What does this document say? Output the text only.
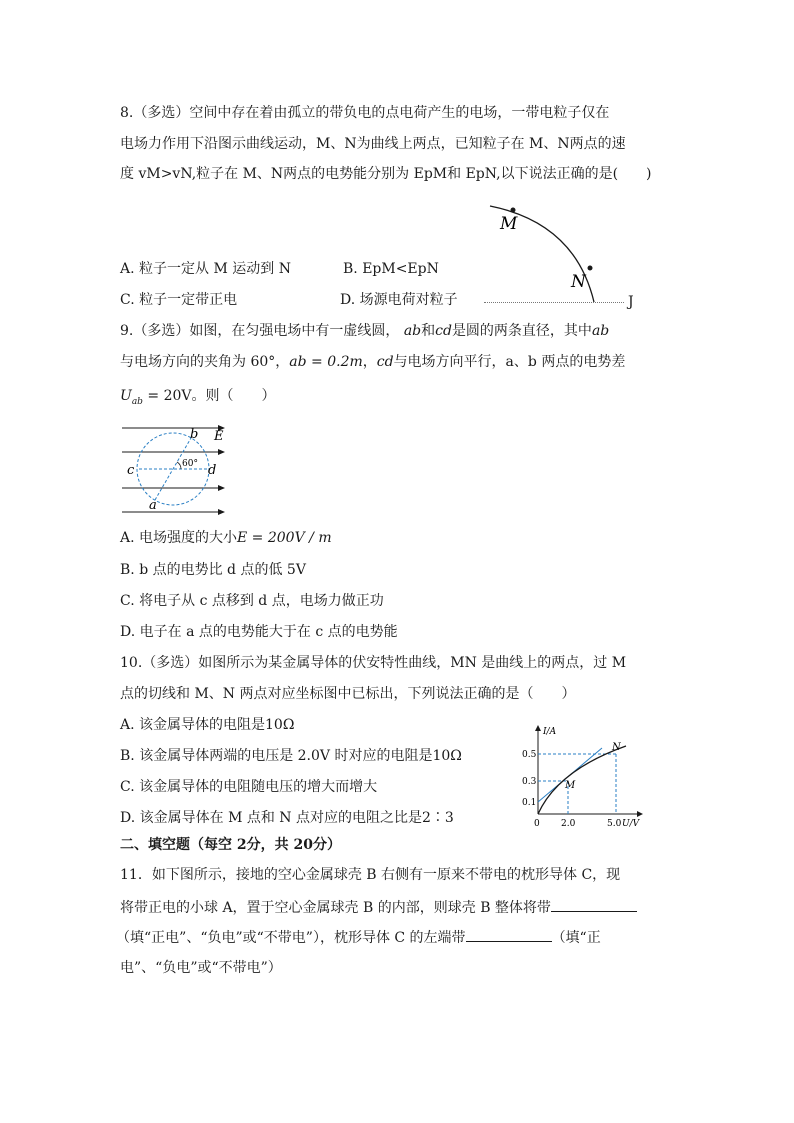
8.（多选）空间中存在着由孤立的带负电的点电荷产生的电场，一带电粒子仅在
电场力作用下沿图示曲线运动，M、N为曲线上两点，已知粒子在 M、N两点的速
度 vM>vN,粒子在 M、N两点的电势能分别为 EpM和 EpN,以下说法正确的是(　　)
M
N
A. 粒子一定从 M 运动到 N	B. EpM<EpN
C. 粒子一定带正电	D. 场源电荷对粒子	J
9.（多选）如图，在匀强电场中有一虚线圆， ab和cd是圆的两条直径，其中ab
与电场方向的夹角为 60°，ab = 0.2m，cd与电场方向平行，a、b 两点的电势差
$U_{ab} = 20V$。则（　　）
b E
c	d
a
60°
A. 电场强度的大小E = 200V / m
B. b 点的电势比 d 点的低 5V
C. 将电子从 c 点移到 d 点，电场力做正功
D. 电子在 a 点的电势能大于在 c 点的电势能
10.（多选）如图所示为某金属导体的伏安特性曲线，MN 是曲线上的两点，过 M
点的切线和 M、N 两点对应坐标图中已标出，下列说法正确的是（　　）
A. 该金属导体的电阻是10Ω
B. 该金属导体两端的电压是 2.0V 时对应的电阻是10Ω
C. 该金属导体的电阻随电压的增大而增大
D. 该金属导体在 M 点和 N 点对应的电阻之比是2∶3
I/A
U/V
0
0.5
0.3
0.1
2.0	5.0
M
N
二、填空题（每空 2分，共 20分）
11．如下图所示，接地的空心金属球壳 B 右侧有一原来不带电的枕形导体 C，现
将带正电的小球 A，置于空心金属球壳 B 的内部，则球壳 B 整体将带
（填“正电”、“负电”或“不带电”），枕形导体 C 的左端带	（填“正
电”、“负电”或“不带电”）
